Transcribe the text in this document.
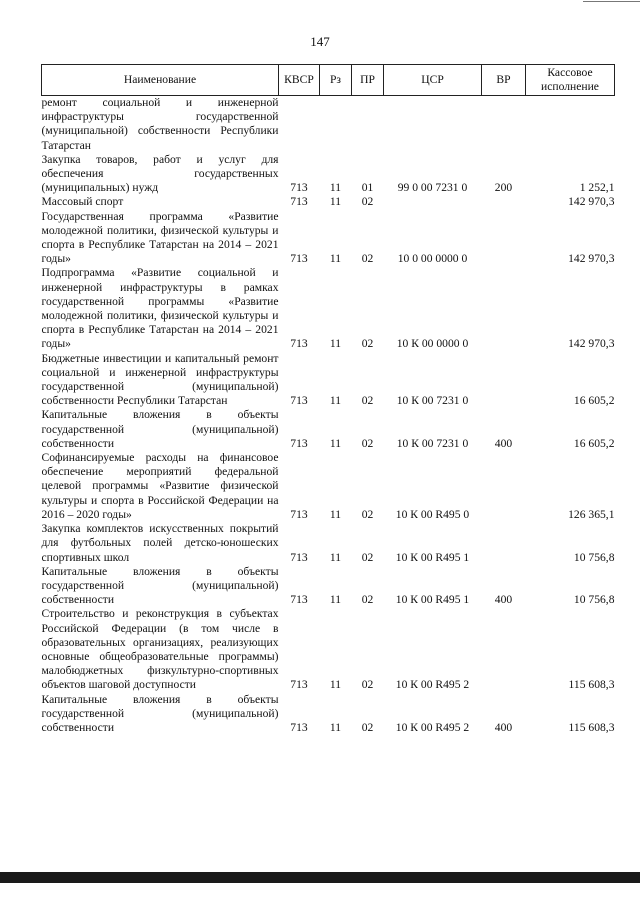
147
Наименование	КВСР	Рз	ПР	ЦСР	ВР	Кассовое исполнение
ремонт социальной и инженерной инфраструктуры государственной (муниципальной) собственности Республики Татарстан						
Закупка товаров, работ и услуг для обеспечения государственных (муниципальных) нужд	713	11	01	99 0 00 7231 0	200	1 252,1
Массовый спорт	713	11	02			142 970,3
Государственная программа «Развитие молодежной политики, физической культуры и спорта в Республике Татарстан на 2014 – 2021 годы»	713	11	02	10 0 00 0000 0		142 970,3
Подпрограмма «Развитие социальной и инженерной инфраструктуры в рамках государственной программы «Развитие молодежной политики, физической культуры и спорта в Республике Татарстан на 2014 – 2021 годы»	713	11	02	10 К 00 0000 0		142 970,3
Бюджетные инвестиции и капитальный ремонт социальной и инженерной инфраструктуры государственной (муниципальной) собственности Республики Татарстан	713	11	02	10 К 00 7231 0		16 605,2
Капитальные вложения в объекты государственной (муниципальной) собственности	713	11	02	10 К 00 7231 0	400	16 605,2
Софинансируемые расходы на финансовое обеспечение мероприятий федеральной целевой программы «Развитие физической культуры и спорта в Российской Федерации на 2016 – 2020 годы»	713	11	02	10 К 00 R495 0		126 365,1
Закупка комплектов искусственных покрытий для футбольных полей детско-юношеских спортивных школ	713	11	02	10 К 00 R495 1		10 756,8
Капитальные вложения в объекты государственной (муниципальной) собственности	713	11	02	10 К 00 R495 1	400	10 756,8
Строительство и реконструкция в субъектах Российской Федерации (в том числе в образовательных организациях, реализующих основные общеобразовательные программы) малобюджетных физкультурно-спортивных объектов шаговой доступности	713	11	02	10 К 00 R495 2		115 608,3
Капитальные вложения в объекты государственной (муниципальной) собственности	713	11	02	10 К 00 R495 2	400	115 608,3
